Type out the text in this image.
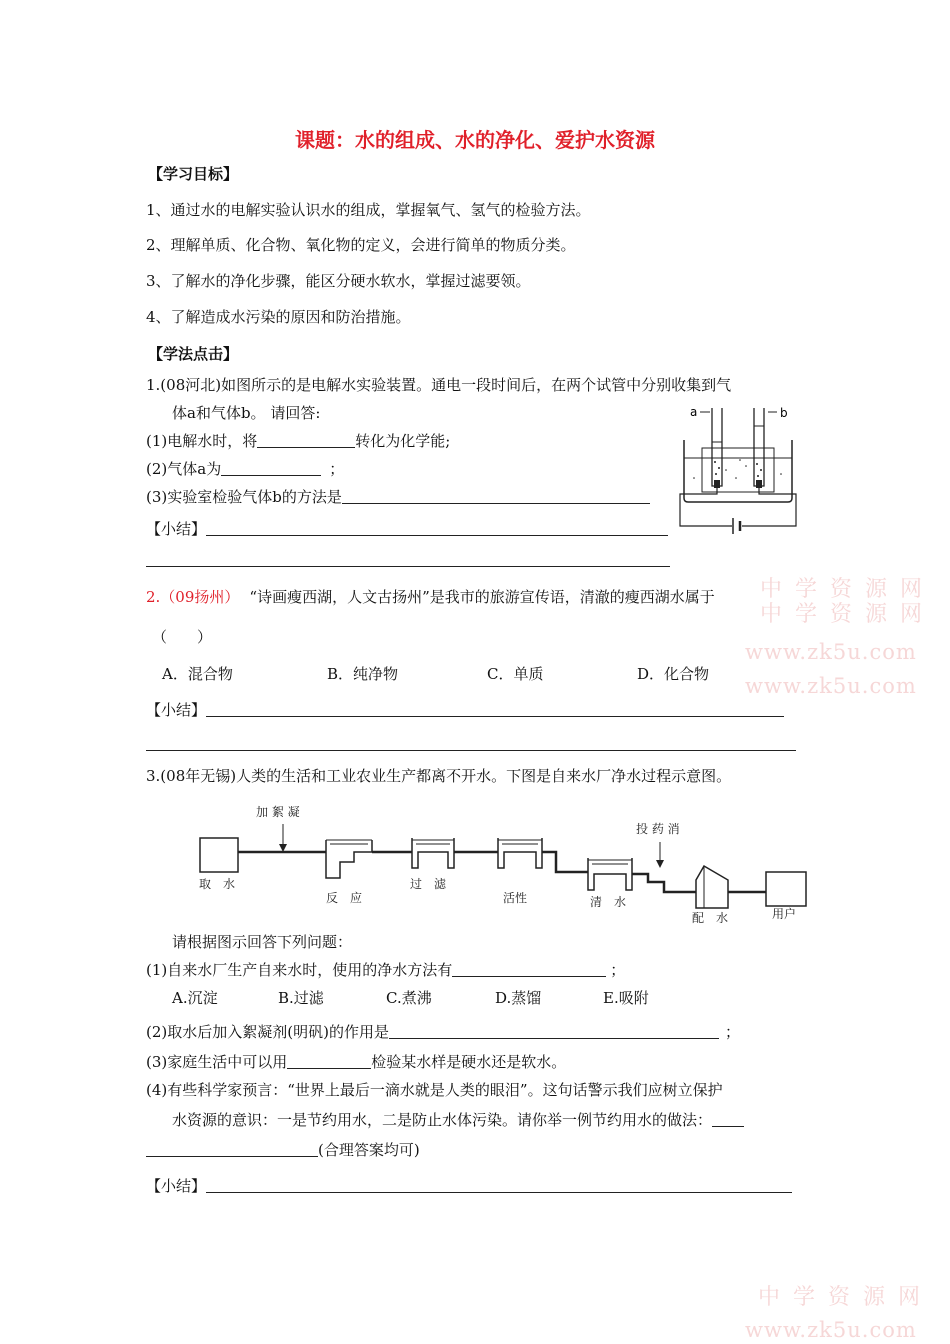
中 学 资 源 网
中 学 资 源 网
www.zk5u.com
www.zk5u.com
中 学 资 源 网
www.zk5u.com
课题：水的组成、水的净化、爱护水资源
【学习目标】
1、通过水的电解实验认识水的组成，掌握氧气、氢气的检验方法。
2、理解单质、化合物、氧化物的定义，会进行简单的物质分类。
3、了解水的净化步骤，能区分硬水软水，掌握过滤要领。
4、了解造成水污染的原因和防治措施。
【学法点击】
1.(08河北)如图所示的是电解水实验装置。通电一段时间后，在两个试管中分别收集到气
体a和气体b。 请回答:
(1)电解水时，将	转化为化学能;
(2)气体a为	；
(3)实验室检验气体b的方法是
【小结】
a	b
2.（09扬州） “诗画瘦西湖，人文古扬州”是我市的旅游宣传语，清澈的瘦西湖水属于
（　　）
A．混合物	B．纯净物	C．单质	D．化合物
【小结】
3.(08年无锡)人类的生活和工业农业生产都离不开水。下图是自来水厂净水过程示意图。
加 絮 凝
取　水
反　应
过　滤
活性	清　水
投 药 消
配　水	用户
请根据图示回答下列问题：
(1)自来水厂生产自来水时，使用的净水方法有	；
A.沉淀	B.过滤	C.煮沸	D.蒸馏	E.吸附
(2)取水后加入絮凝剂(明矾)的作用是	；
(3)家庭生活中可以用	检验某水样是硬水还是软水。
(4)有些科学家预言：“世界上最后一滴水就是人类的眼泪”。这句话警示我们应树立保护
水资源的意识：一是节约用水，二是防止水体污染。请你举一例节约用水的做法：
(合理答案均可)
【小结】
